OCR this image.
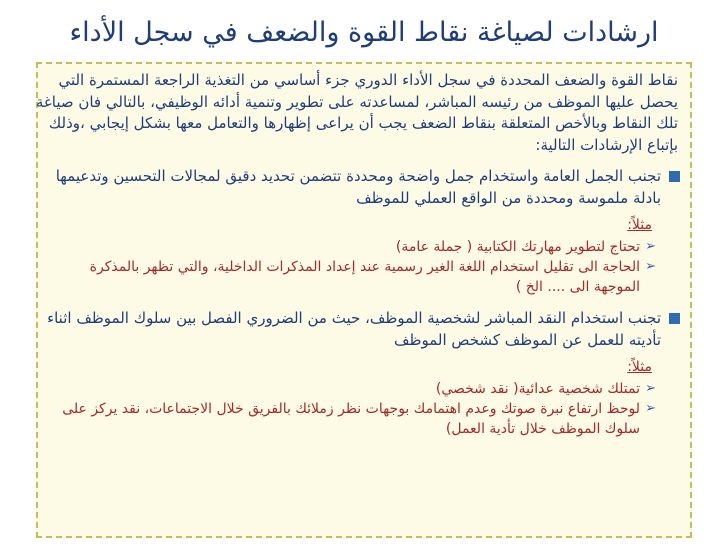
ارشادات لصياغة نقاط القوة والضعف في سجل الأداء
نقاط القوة والضعف المحددة في سجل الأداء الدوري جزء أساسي من التغذية الراجعة المستمرة التي يحصل عليها الموظف من رئيسه المباشر، لمساعدته على تطوير وتنمية أدائه الوظيفي، بالتالي فان صياغة تلك النقاط وبالأخص المتعلقة بنقاط الضعف يجب أن يراعى إظهارها والتعامل معها بشكل إيجابي ،وذلك بإتباع الإرشادات التالية:
تجنب الجمل العامة واستخدام جمل واضحة ومحددة تتضمن تحديد دقيق لمجالات التحسين وتدعيمها بادلة ملموسة ومحددة من الواقع العملي للموظف
مثلاً:
➢
تحتاج لتطوير مهارتك الكتابية ( جملة عامة)
➢
الحاجة الى تقليل استخدام اللغة الغير رسمية عند إعداد المذكرات الداخلية، والتي تظهر بالمذكرة
الموجهة الى .... الخ )
تجنب استخدام النقد المباشر لشخصية الموظف، حيث من الضروري الفصل بين سلوك الموظف اثناء تأديته للعمل عن الموظف كشخص الموظف
مثلاً:
➢
تمتلك شخصية عدائية( نقد شخصي)
➢
لوحظ ارتفاع نبرة صوتك وعدم اهتمامك بوجهات نظر زملائك بالفريق خلال الاجتماعات، نقد يركز على سلوك الموظف خلال تأدية العمل)
